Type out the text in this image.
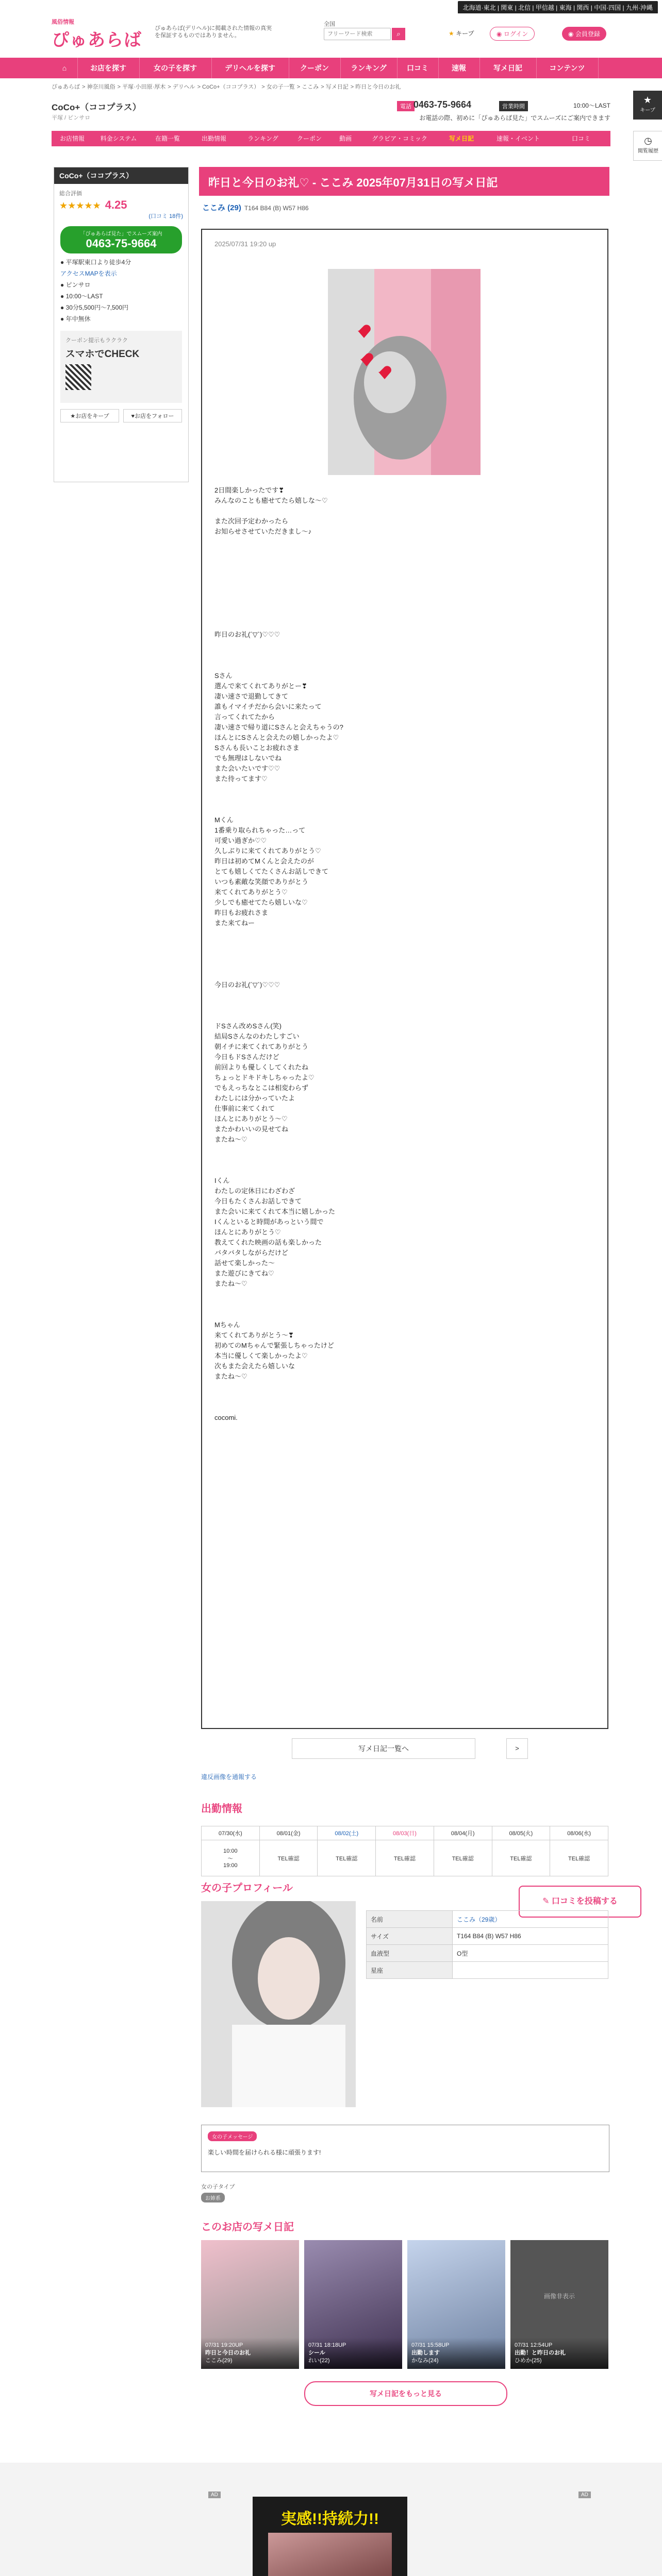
北海道·東北 | 関東 | 北信 | 甲信越 | 東海 | 関西 | 中国·四国 | 九州·沖縄
風俗情報
ぴゅあらば
ぴゅあらば(デリヘル)に掲載された情報の真実を保証するものではありません。
全国
フリーワード検索
⌕	★ キープ	◉ ログイン	◉ 会員登録
⌂	お店を探す	女の子を探す	デリヘルを探す	クーポン	ランキング	口コミ	速報	写メ日記	コンテンツ
ぴゅあらば > 神奈川風俗 > 平塚·小田原·厚木 > デリヘル > CoCo+（ココプラス） > 女の子一覧 > ここみ > 写メ日記 > 昨日と今日のお礼
CoCo+（ココプラス）
平塚 / ピンサロ
電話 0463-75-9664	営業時間	10:00〜LAST
お電話の際、初めに「ぴゅあらば見た」でスムーズにご案内できます
お店情報	料金システム	在籍一覧	出勤情報	ランキング	クーポン	動画	グラビア・コミック	写メ日記	速報・イベント	口コミ
CoCo+（ココプラス）
総合評価
★★★★★ 4.25
(口コミ 18件)
「ぴゅあらば見た」でスムーズ案内
0463-75-9664
● 平塚駅東口より徒歩4分
アクセスMAPを表示
● ピンサロ
● 10:00〜LAST
● 30分5,500円〜7,500円
● 年中無休
クーポン提示もラクラク
スマホでCHECK
★お店をキープ	♥お店をフォロー
昨日と今日のお礼♡ - ここみ 2025年07月31日の写メ日記
ここみ (29) T164 B84 (B) W57 H86
2025/07/31 19:20 up
2日間楽しかったです❣
みんなのことも癒せてたら嬉しな〜♡

また次回予定わかったら
お知らせさせていただきまし〜♪

昨日のお礼(´▽`)♡♡♡

Sさん
選んで来てくれてありがとー❣
凄い速さで退勤してきて
誰もイマイチだから会いに来たって
言ってくれてたから
凄い速さで帰り道にSさんと会えちゃうの?
ほんとにSさんと会えたの嬉しかったよ♡
Sさんも長いことお疲れさま
でも無理はしないでね
また会いたいです♡♡
また待ってます♡

Mくん
1番乗り取られちゃった…って
可愛い過ぎか♡♡
久しぶりに来てくれてありがとう♡
昨日は初めてMくんと会えたのが
とても嬉しくてたくさんお話しできて
いつも素敵な笑顔でありがとう
来てくれてありがとう♡
少しでも癒せてたら嬉しいな♡
昨日もお疲れさま
また来てねー

今日のお礼(´▽`)♡♡♡

ドSさん改めSさん(笑)
結局Sさんなのわたしすごい
朝イチに来てくれてありがとう
今日もドSさんだけど
前回よりも優しくしてくれたね
ちょっとドキドキしちゃったよ♡
でもえっちなとこは相変わらず
わたしには分かっていたよ
仕事前に来てくれて
ほんとにありがとう〜♡
またかわいいの見せてね
またね〜♡

Iくん
わたしの定休日にわざわざ
今日もたくさんお話しできて
また会いに来てくれて本当に嬉しかった
Iくんといると時間があっという間で
ほんとにありがとう♡
教えてくれた映画の話も楽しかった
バタバタしながらだけど
話せて楽しかった〜
また遊びにきてね♡
またね〜♡

Mちゃん
来てくれてありがとう〜❣
初めてのMちゃんで緊張しちゃったけど
本当に優しくて楽しかったよ♡
次もまた会えたら嬉しいな
またね〜♡

cocomi.
写メ日記一覧へ	>
違反画像を通報する
出勤情報
07/30(水)	08/01(金)	08/02(土)	08/03(日)	08/04(月)	08/05(火)	08/06(水)
10:00
〜
19:00	TEL確認	TEL確認	TEL確認	TEL確認	TEL確認	TEL確認
女の子プロフィール
✎ 口コミを投稿する
名前	ここみ（29歳）
サイズ	T164 B84 (B) W57 H86
血液型	O型
星座	
女の子メッセージ
楽しい時間を届けられる様に頑張ります!
女の子タイプ
お姉系
このお店の写メ日記
07/31 19:20UP
昨日と今日のお礼
ここみ(29)
07/31 18:18UP
シール
れい(22)
07/31 15:58UP
出勤します
かなみ(24)
画像非表示
07/31 12:54UP
出勤！と昨日のお礼
ひめか(25)
写メ日記をもっと見る
AD	AD
実感!!持続力!!
★
キープ
◷
閲覧履歴
